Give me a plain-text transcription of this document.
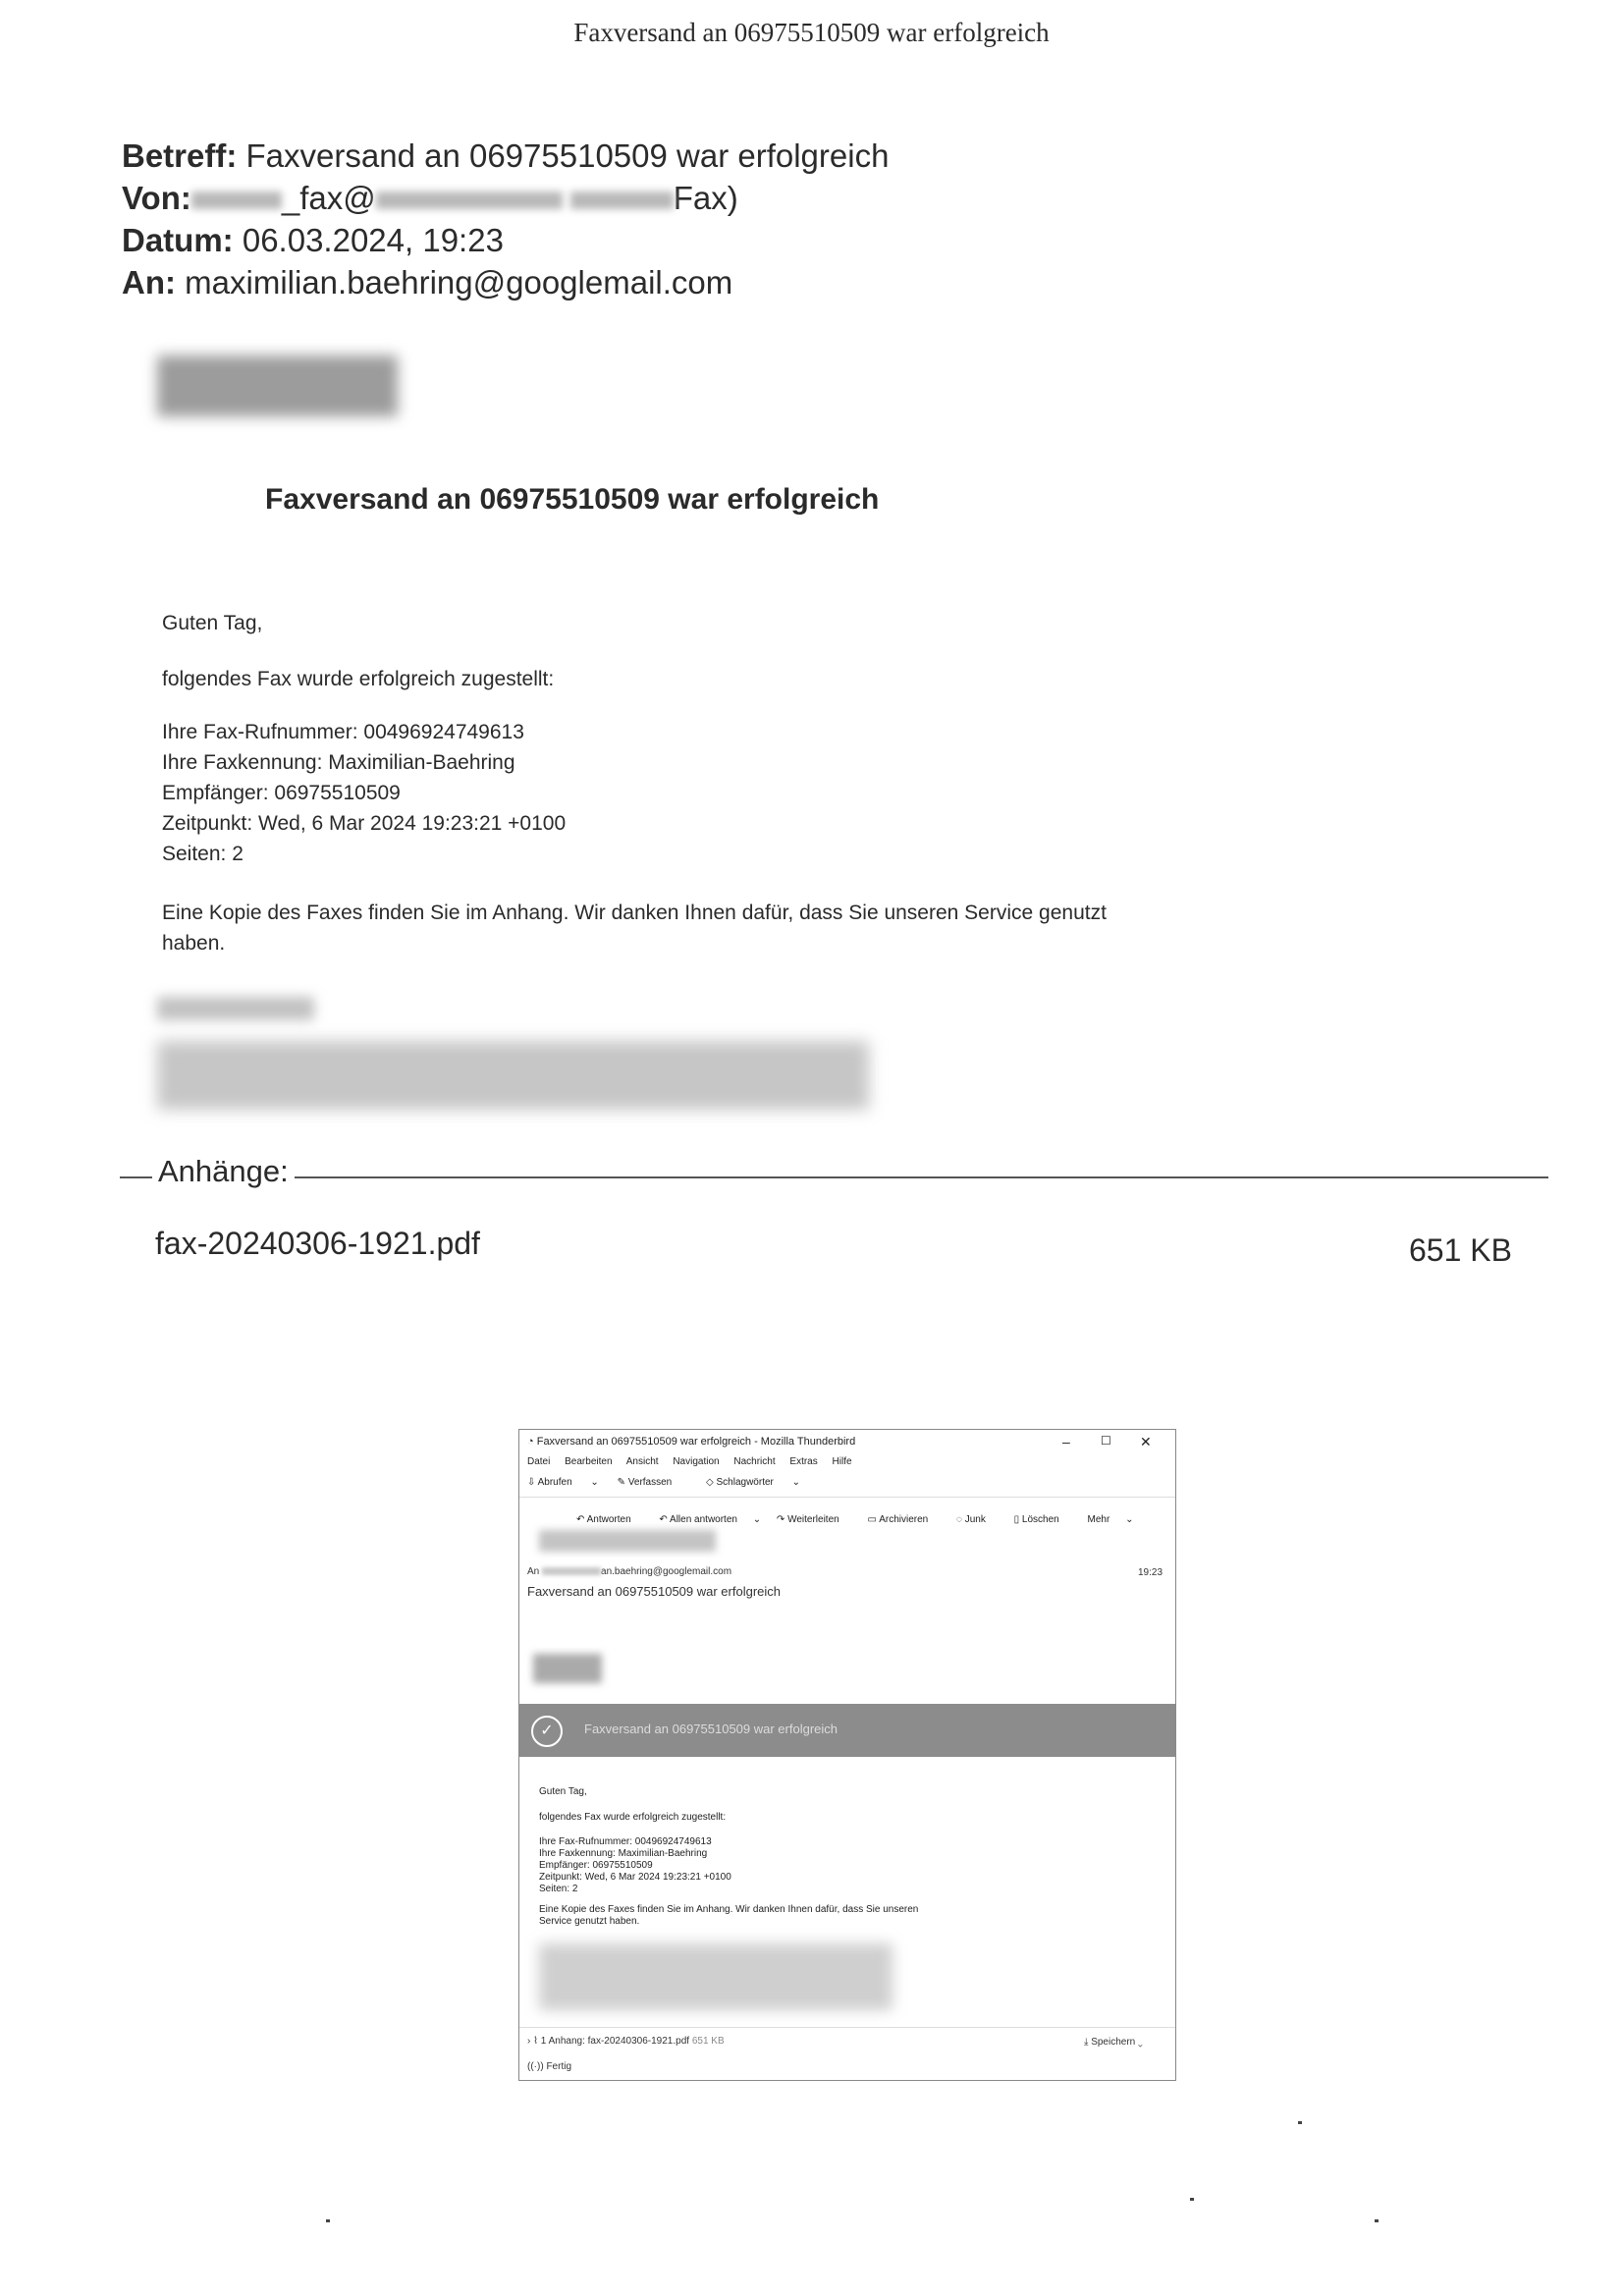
Faxversand an 06975510509 war erfolgreich
Betreff: Faxversand an 06975510509 war erfolgreich
Von:	_fax@	Fax)
Datum: 06.03.2024, 19:23
An: maximilian.baehring@googlemail.com
Faxversand an 06975510509 war erfolgreich
Guten Tag,
folgendes Fax wurde erfolgreich zugestellt:
Ihre Fax-Rufnummer: 00496924749613
Ihre Faxkennung: Maximilian-Baehring
Empfänger: 06975510509
Zeitpunkt: Wed, 6 Mar 2024 19:23:21 +0100
Seiten: 2
Eine Kopie des Faxes finden Sie im Anhang. Wir danken Ihnen dafür, dass Sie unseren Service genutzt
haben.
Anhänge:
fax-20240306-1921.pdf	651 KB
◔ Faxversand an 06975510509 war erfolgreich - Mozilla Thunderbird	–	☐ ✕
Datei Bearbeiten Ansicht Navigation Nachricht Extras Hilfe
⇩ Abrufen ⌄ ✎ Verfassen	◇ Schlagwörter ⌄
↶ Antworten	↶ Allen antworten ⌄ ↷ Weiterleiten	▭ Archivieren	◌ Junk	▯ Löschen	Mehr ⌄
An	an.baehring@googlemail.com	19:23
Faxversand an 06975510509 war erfolgreich
✓	Faxversand an 06975510509 war erfolgreich
Guten Tag,
folgendes Fax wurde erfolgreich zugestellt:
Ihre Fax-Rufnummer: 00496924749613
Ihre Faxkennung: Maximilian-Baehring
Empfänger: 06975510509
Zeitpunkt: Wed, 6 Mar 2024 19:23:21 +0100
Seiten: 2
Eine Kopie des Faxes finden Sie im Anhang. Wir danken Ihnen dafür, dass Sie unseren
Service genutzt haben.
› ⌇ 1 Anhang: fax-20240306-1921.pdf 651 KB	⤓ Speichern ⌄
((·)) Fertig
